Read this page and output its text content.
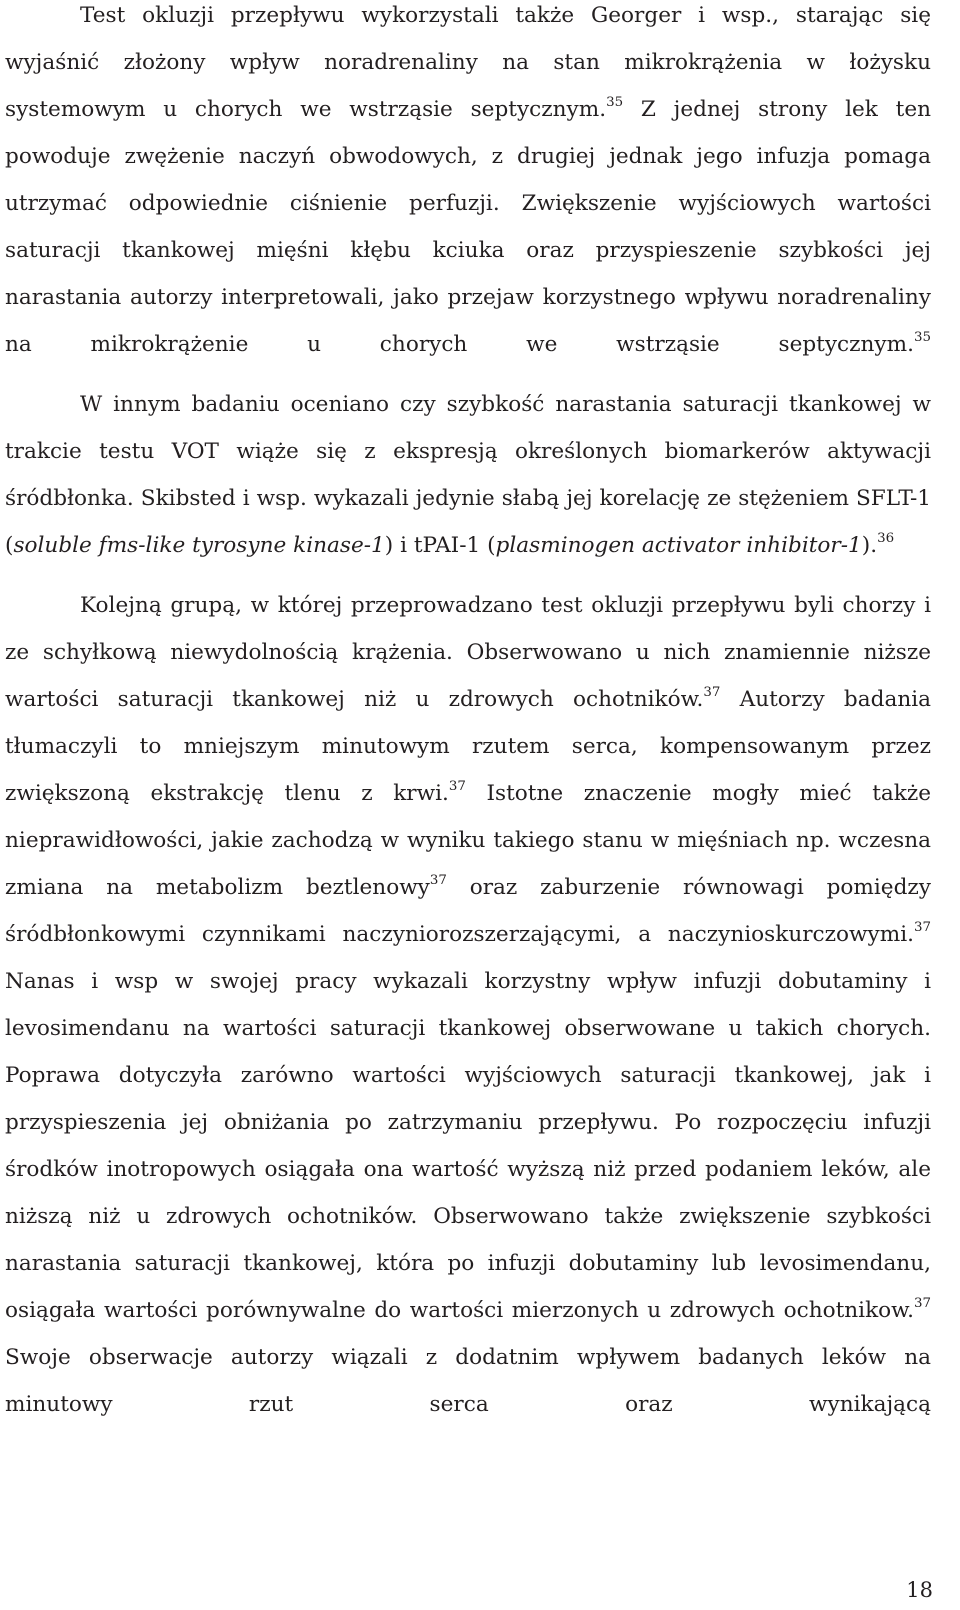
Test okluzji przepływu wykorzystali także Georger i wsp., starając się wyjaśnić złożony wpływ noradrenaliny na stan mikrokrążenia w łożysku systemowym u chorych we wstrząsie septycznym.$^{35}$ Z jednej strony lek ten powoduje zwężenie naczyń obwodowych, z drugiej jednak jego infuzja pomaga utrzymać odpowiednie ciśnienie perfuzji. Zwiększenie wyjściowych wartości saturacji tkankowej mięśni kłębu kciuka oraz przyspieszenie szybkości jej narastania autorzy interpretowali, jako przejaw korzystnego wpływu noradrenaliny na mikrokrążenie u chorych we wstrząsie septycznym.$^{35}$

W innym badaniu oceniano czy szybkość narastania saturacji tkankowej w trakcie testu VOT wiąże się z ekspresją określonych biomarkerów aktywacji śródbłonka. Skibsted i wsp. wykazali jedynie słabą jej korelację ze stężeniem SFLT-1 (soluble fms-like tyrosyne kinase-1) i tPAI-1 (plasminogen activator inhibitor-1).$^{36}$

Kolejną grupą, w której przeprowadzano test okluzji przepływu byli chorzy i ze schyłkową niewydolnością krążenia. Obserwowano u nich znamiennie niższe wartości saturacji tkankowej niż u zdrowych ochotników.$^{37}$ Autorzy badania tłumaczyli to mniejszym minutowym rzutem serca, kompensowanym przez zwiększoną ekstrakcję tlenu z krwi.$^{37}$ Istotne znaczenie mogły mieć także nieprawidłowości, jakie zachodzą w wyniku takiego stanu w mięśniach np. wczesna zmiana na metabolizm beztlenowy$^{37}$ oraz zaburzenie równowagi pomiędzy śródbłonkowymi czynnikami naczyniorozszerzającymi, a naczynioskurczowymi.$^{37}$ Nanas i wsp w swojej pracy wykazali korzystny wpływ infuzji dobutaminy i levosimendanu na wartości saturacji tkankowej obserwowane u takich chorych. Poprawa dotyczyła zarówno wartości wyjściowych saturacji tkankowej, jak i przyspieszenia jej obniżania po zatrzymaniu przepływu. Po rozpoczęciu infuzji środków inotropowych osiągała ona wartość wyższą niż przed podaniem leków, ale niższą niż u zdrowych ochotników. Obserwowano także zwiększenie szybkości narastania saturacji tkankowej, która po infuzji dobutaminy lub levosimendanu, osiągała wartości porównywalne do wartości mierzonych u zdrowych ochotnikow.$^{37}$ Swoje obserwacje autorzy wiązali z dodatnim wpływem badanych leków na minutowy rzut serca oraz wynikającą

18
